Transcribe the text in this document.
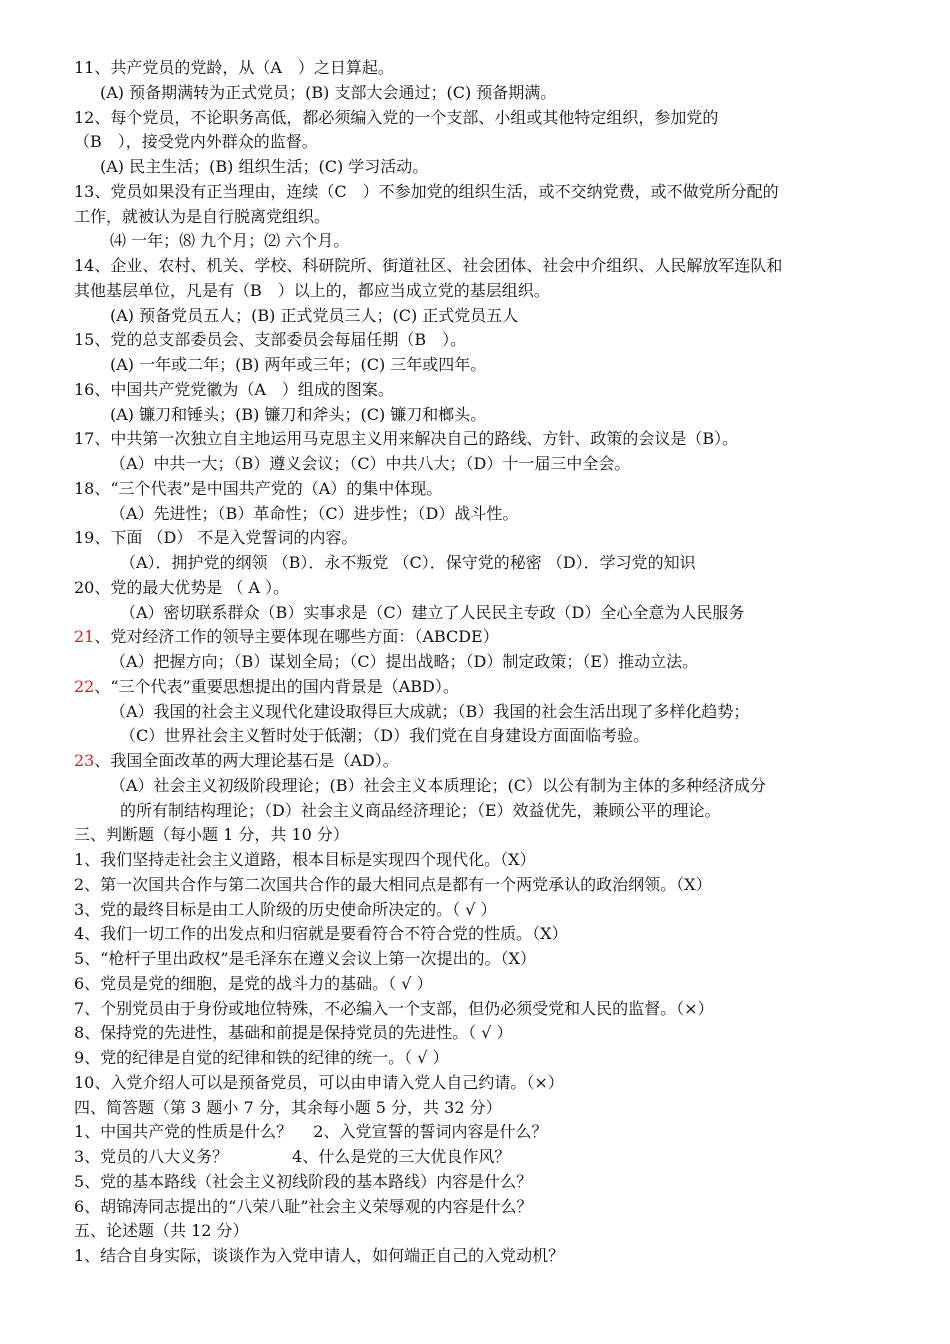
11、共产党员的党龄，从（A　）之日算起。
(A) 预备期满转为正式党员；(B) 支部大会通过；(C) 预备期满。
12、每个党员，不论职务高低，都必须编入党的一个支部、小组或其他特定组织，参加党的
（B　），接受党内外群众的监督。
(A) 民主生活；(B) 组织生活；(C) 学习活动。
13、党员如果没有正当理由，连续（C　）不参加党的组织生活，或不交纳党费，或不做党所分配的
工作，就被认为是自行脱离党组织。
⑷ 一年；⑻ 九个月；⑵ 六个月。
14、企业、农村、机关、学校、科研院所、街道社区、社会团体、社会中介组织、人民解放军连队和
其他基层单位，凡是有（B　）以上的，都应当成立党的基层组织。
(A) 预备党员五人；(B) 正式党员三人；(C) 正式党员五人
15、党的总支部委员会、支部委员会每届任期（B　）。
(A) 一年或二年；(B) 两年或三年；(C) 三年或四年。
16、中国共产党党徽为（A　）组成的图案。
(A) 镰刀和锤头；(B) 镰刀和斧头；(C) 镰刀和榔头。
17、中共第一次独立自主地运用马克思主义用来解决自己的路线、方针、政策的会议是（B）。
（A）中共一大；（B）遵义会议；（C）中共八大；（D）十一届三中全会。
18、“三个代表”是中国共产党的（A）的集中体现。
（A）先进性；（B）革命性；（C）进步性；（D）战斗性。
19、下面 （D） 不是入党誓词的内容。
（A）．拥护党的纲领 （B）．永不叛党 （C）．保守党的秘密 （D）．学习党的知识
20、党的最大优势是 （ A ）。
（A）密切联系群众（B）实事求是（C）建立了人民民主专政（D）全心全意为人民服务
21、党对经济工作的领导主要体现在哪些方面：（ABCDE）
（A）把握方向；（B）谋划全局；（C）提出战略；（D）制定政策；（E）推动立法。
22、“三个代表”重要思想提出的国内背景是（ABD）。
（A）我国的社会主义现代化建设取得巨大成就；（B）我国的社会生活出现了多样化趋势；
（C）世界社会主义暂时处于低潮；（D）我们党在自身建设方面面临考验。
23、我国全面改革的两大理论基石是（AD）。
（A）社会主义初级阶段理论；(B）社会主义本质理论；(C）以公有制为主体的多种经济成分
的所有制结构理论；（D）社会主义商品经济理论；（E）效益优先，兼顾公平的理论。
三、判断题（每小题 1 分，共 10 分）
1、我们坚持走社会主义道路，根本目标是实现四个现代化。（X）
2、第一次国共合作与第二次国共合作的最大相同点是都有一个两党承认的政治纲领。（X）
3、党的最终目标是由工人阶级的历史使命所决定的。（ √ ）
4、我们一切工作的出发点和归宿就是要看符合不符合党的性质。（X）
5、“枪杆子里出政权”是毛泽东在遵义会议上第一次提出的。（X）
6、党员是党的细胞，是党的战斗力的基础。（ √ ）
7、个别党员由于身份或地位特殊，不必编入一个支部，但仍必须受党和人民的监督。（×）
8、保持党的先进性，基础和前提是保持党员的先进性。（ √ ）
9、党的纪律是自觉的纪律和铁的纪律的统一。（ √ ）
10、入党介绍人可以是预备党员，可以由申请入党人自己约请。（×）
四、简答题（第 3 题小 7 分，其余每小题 5 分，共 32 分）
1、中国共产党的性质是什么？　 2、入党宣誓的誓词内容是什么？
3、党员的八大义务？　　　　4、什么是党的三大优良作风？
5、党的基本路线（社会主义初线阶段的基本路线）内容是什么？
6、胡锦涛同志提出的“八荣八耻”社会主义荣辱观的内容是什么？
五、论述题（共 12 分）
1、结合自身实际，谈谈作为入党申请人，如何端正自己的入党动机？
